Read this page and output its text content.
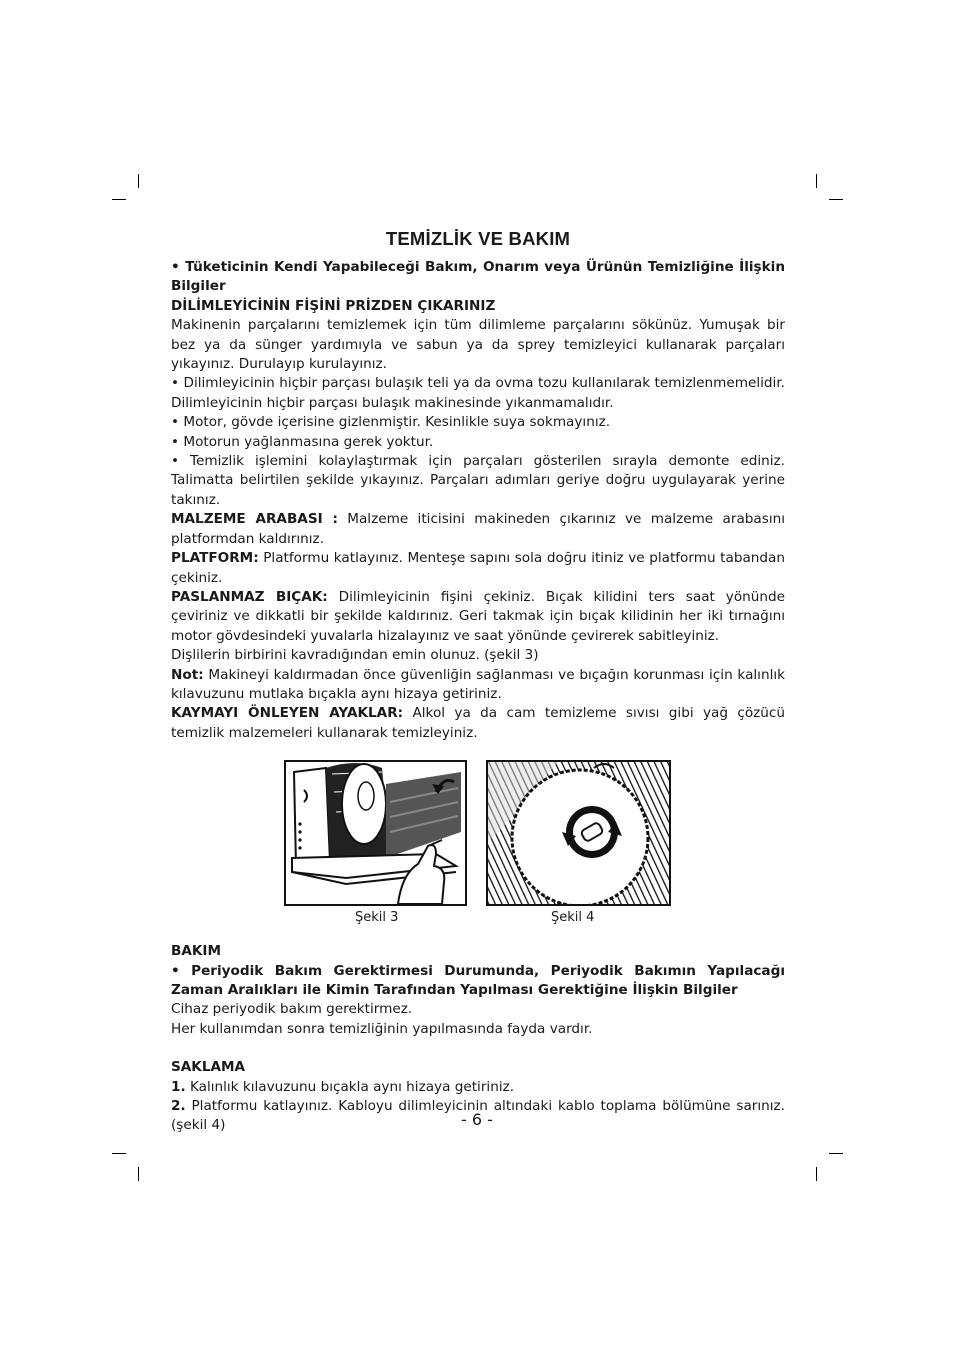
TEMİZLİK VE BAKIM

• Tüketicinin Kendi Yapabileceği Bakım, Onarım veya Ürünün Temizliğine İlişkin Bilgiler

DİLİMLEYİCİNİN FİŞİNİ PRİZDEN ÇIKARINIZ

Makinenin parçalarını temizlemek için tüm dilimleme parçalarını sökünüz. Yumuşak bir bez ya da sünger yardımıyla ve sabun ya da sprey temizleyici kullanarak parçaları yıkayınız. Durulayıp kurulayınız.

• Dilimleyicinin hiçbir parçası bulaşık teli ya da ovma tozu kullanılarak temizlenmemelidir. Dilimleyicinin hiçbir parçası bulaşık makinesinde yıkanmamalıdır.

• Motor, gövde içerisine gizlenmiştir. Kesinlikle suya sokmayınız.

• Motorun yağlanmasına gerek yoktur.

• Temizlik işlemini kolaylaştırmak için parçaları gösterilen sırayla demonte ediniz. Talimatta belirtilen şekilde yıkayınız. Parçaları adımları geriye doğru uygulayarak yerine takınız.

MALZEME ARABASI : Malzeme iticisini makineden çıkarınız ve malzeme arabasını platformdan kaldırınız.

PLATFORM: Platformu katlayınız. Menteşe sapını sola doğru itiniz ve platformu tabandan çekiniz.

PASLANMAZ BIÇAK: Dilimleyicinin fişini çekiniz. Bıçak kilidini ters saat yönünde çeviriniz ve dikkatli bir şekilde kaldırınız. Geri takmak için bıçak kilidinin her iki tırnağını motor gövdesindeki yuvalarla hizalayınız ve saat yönünde çevirerek sabitleyiniz.

Dişlilerin birbirini kavradığından emin olunuz. (şekil 3)

Not: Makineyi kaldırmadan önce güvenliğin sağlanması ve bıçağın korunması için kalınlık kılavuzunu mutlaka bıçakla aynı hizaya getiriniz.

KAYMAYI ÖNLEYEN AYAKLAR: Alkol ya da cam temizleme sıvısı gibi yağ çözücü temizlik malzemeleri kullanarak temizleyiniz.

Şekil 3	Şekil 4

BAKIM

• Periyodik Bakım Gerektirmesi Durumunda, Periyodik Bakımın Yapılacağı Zaman Aralıkları ile Kimin Tarafından Yapılması Gerektiğine İlişkin Bilgiler

Cihaz periyodik bakım gerektirmez.

Her kullanımdan sonra temizliğinin yapılmasında fayda vardır.

SAKLAMA

1. Kalınlık kılavuzunu bıçakla aynı hizaya getiriniz.

2. Platformu katlayınız. Kabloyu dilimleyicinin altındaki kablo toplama bölümüne sarınız. (şekil 4)	- 6 -
